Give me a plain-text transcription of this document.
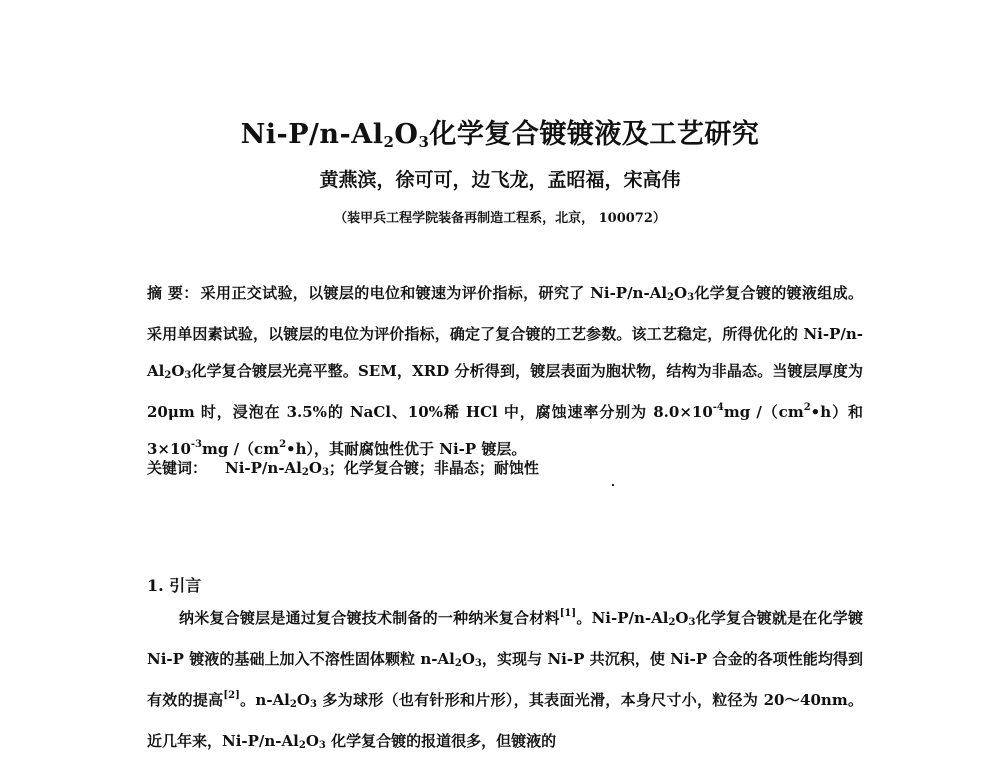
$Ni-P/n-Al_2O_3$化学复合镀镀液及工艺研究
黄燕滨，徐可可，边飞龙，孟昭福，宋高伟
（装甲兵工程学院装备再制造工程系，北京， 100072）
摘 要： 采用正交试验，以镀层的电位和镀速为评价指标，研究了 $Ni-P/n-Al_2O_3$化学复合镀的镀液组成。采用单因素试验，以镀层的电位为评价指标，确定了复合镀的工艺参数。该工艺稳定，所得优化的 $Ni-P/n-Al_2O_3$化学复合镀层光亮平整。SEM，XRD 分析得到，镀层表面为胞状物，结构为非晶态。当镀层厚度为 20μm 时，浸泡在 3.5%的 NaCl、10%稀 HCl 中，腐蚀速率分别为 $8.0\times 10^{-4}mg$ $/(cm^2•h)$和 $3\times 10^{-3}mg$ $/(cm^2•h)$，其耐腐蚀性优于 Ni-P 镀层。
关键词： $Ni-P/n-Al_2O_3$；化学复合镀；非晶态；耐蚀性
1. 引言
纳米复合镀层是通过复合镀技术制备的一种纳米复合材料[1]。$Ni-P/n-Al_2O_3$化学复合镀就是在化学镀 Ni-P 镀液的基础上加入不溶性固体颗粒 $n-Al_2O_3$，实现与 Ni-P 共沉积，使 Ni-P 合金的各项性能均得到有效的提高[2]。$n-Al_2O_3$ 多为球形（也有针形和片形），其表面光滑，本身尺寸小，粒径为 20～40nm。近几年来，$Ni-P/n-Al_2O_3$ 化学复合镀的报道很多，但镀液的
